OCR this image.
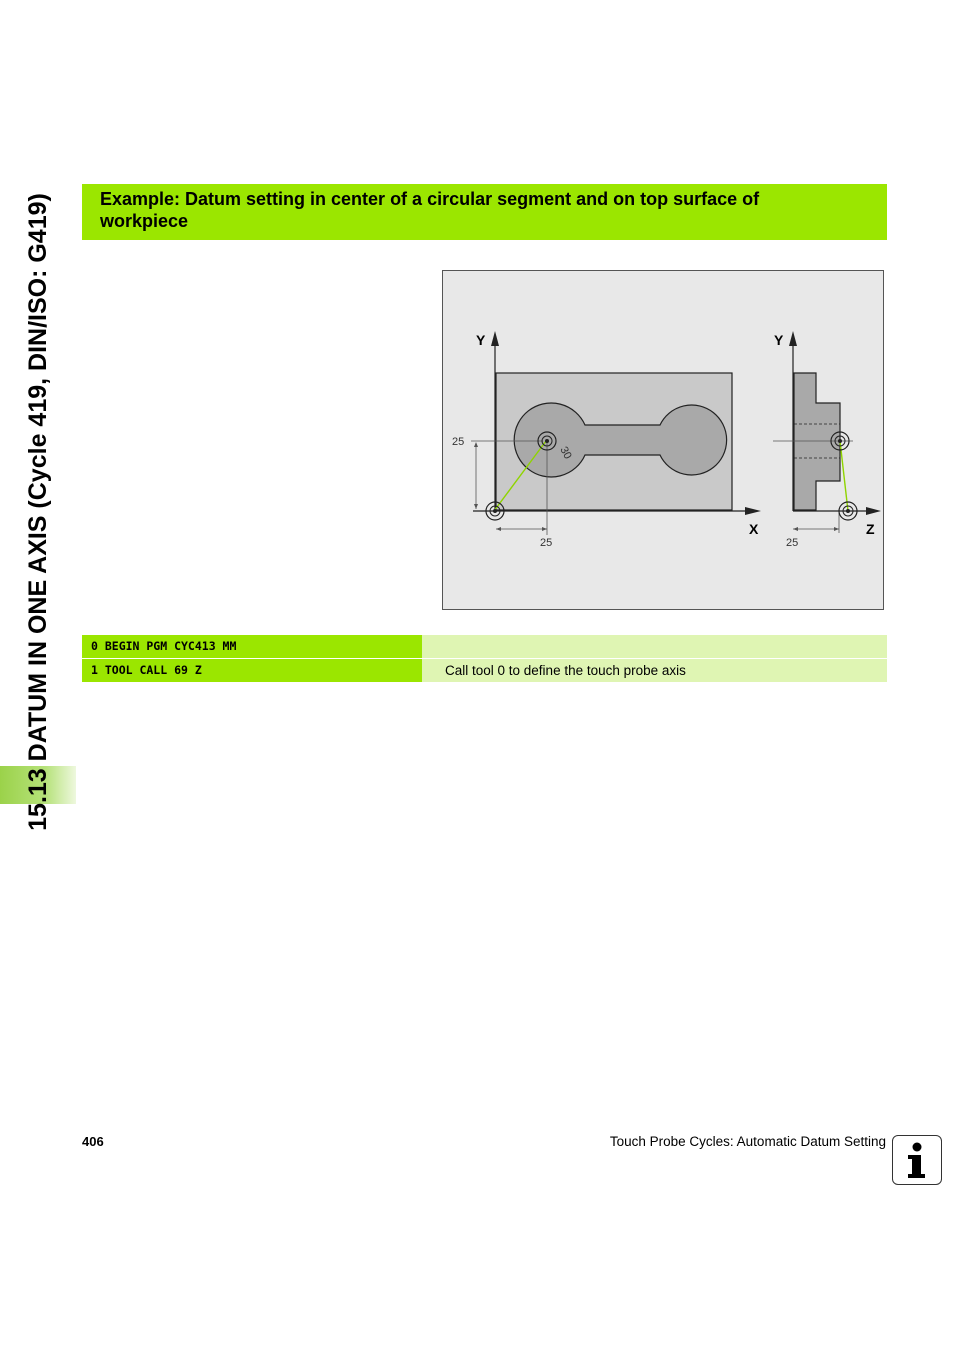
15.13 DATUM IN ONE AXIS (Cycle 419, DIN/ISO: G419)	Example: Datum setting in center of a circular segment and on top surface of
workpiece
Y
X
25
25
30
Y
Z
25
0 BEGIN PGM CYC413 MM
1 TOOL CALL 69 Z	Call tool 0 to define the touch probe axis
406	Touch Probe Cycles: Automatic Datum Setting
